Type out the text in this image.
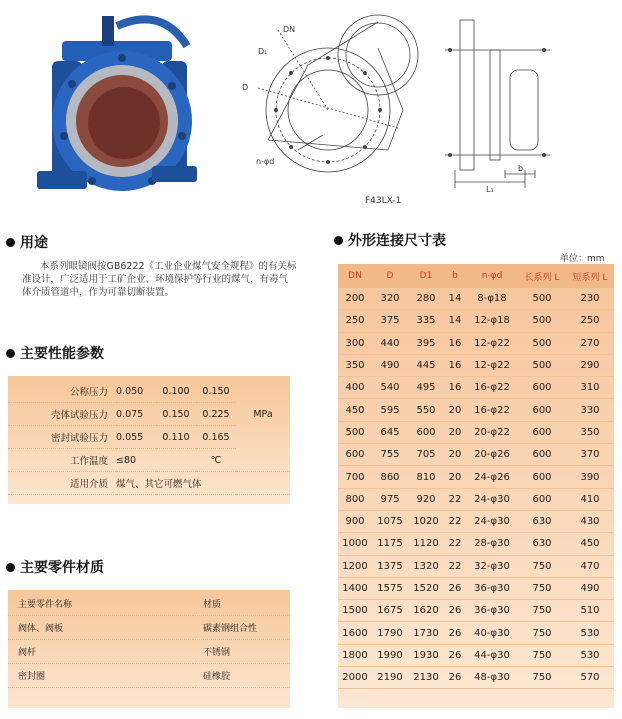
DN
D₁
D
n-φd
L₁
b
F43LX-1
用途
本系列眼镜阀按GB6222《工业企业煤气安全规程》的有关标
准设计，广泛适用于工矿企业、环境保护等行业的煤气，有毒气
体介质管道中，作为可靠切断装置。
主要性能参数
公称压力	0.050	0.100	0.150	MPa
壳体试验压力	0.075	0.150	0.225	
密封试验压力	0.055	0.110	0.165	
工作温度	≤80		℃	
适用介质	煤气、其它可燃气体			
主要零件材质
主要零件名称	材质
阀体、阀板	碳素钢组合性
阀杆	不锈钢
密封圈	硅橡胶
外形连接尺寸表
单位：mm
DN	D	D1	b	n-φd	长系列 L	短系列 L
200	320	280	14	8-φ18	500	230
250	375	335	14	12-φ18	500	250
300	440	395	16	12-φ22	500	270
350	490	445	16	12-φ22	500	290
400	540	495	16	16-φ22	600	310
450	595	550	20	16-φ22	600	330
500	645	600	20	20-φ22	600	350
600	755	705	20	20-φ26	600	370
700	860	810	20	24-φ26	600	390
800	975	920	22	24-φ30	600	410
900	1075	1020	22	24-φ30	630	430
1000	1175	1120	22	28-φ30	630	450
1200	1375	1320	22	32-φ30	750	470
1400	1575	1520	26	36-φ30	750	490
1500	1675	1620	26	36-φ30	750	510
1600	1790	1730	26	40-φ30	750	530
1800	1990	1930	26	44-φ30	750	530
2000	2190	2130	26	48-φ30	750	570
